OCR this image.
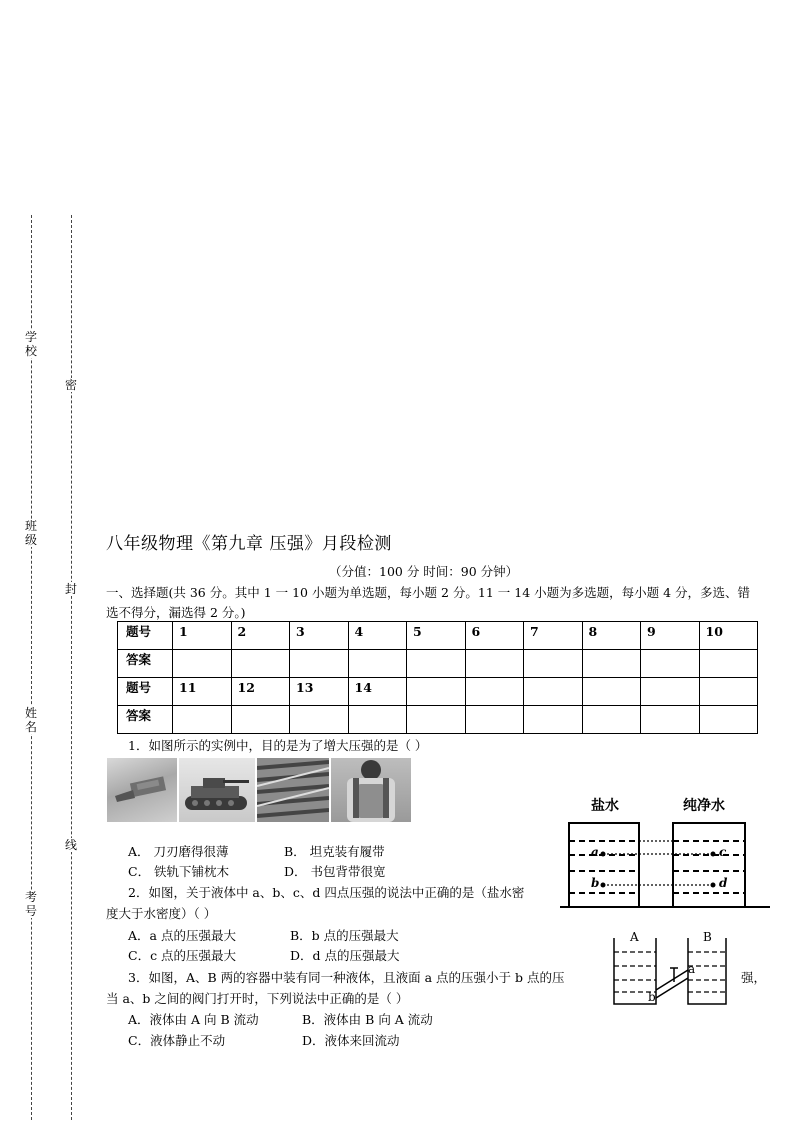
学
校
班
级
姓
名
考
号
密
封
线
八年级物理《第九章 压强》月段检测
（分值：100 分 时间：90 分钟）
一、选择题(共 36 分。其中 1 一 10 小题为单选题，每小题 2 分。11 一 14 小题为多选题，每小题 4 分，多选、错选不得分，漏选得 2 分。)
题号	1	2	3	4	5	6	7	8	9	10
答案										
题号	11	12	13	14						
答案										
1．如图所示的实例中，目的是为了增大压强的是（ ）
A． 刀刃磨得很薄	B． 坦克装有履带
C． 铁轨下铺枕木	D． 书包背带很宽
2．如图，关于液体中 a、b、c、d 四点压强的说法中正确的是（盐水密
度大于水密度）（ ）
A．a 点的压强最大	B．b 点的压强最大
C．c 点的压强最大	D．d 点的压强最大
盐水	纯净水
a
b
c
d
3．如图，A、B 两的容器中装有同一种液体，且液面 a 点的压强小于 b 点的压	强，
当 a、b 之间的阀门打开时，下列说法中正确的是（ ）
A．液体由 A 向 B 流动	B．液体由 B 向 A 流动
C．液体静止不动	D．液体来回流动
A	B
a
b
